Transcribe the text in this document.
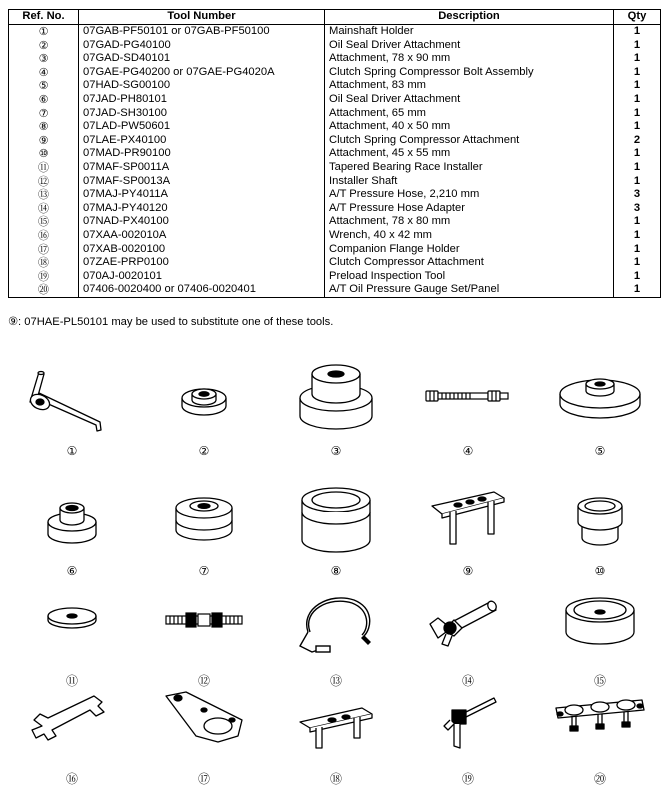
Ref. No.	Tool Number	Description	Qty
①	07GAB-PF50101 or 07GAB-PF50100	Mainshaft Holder	1
②	07GAD-PG40100	Oil Seal Driver Attachment	1
③	07GAD-SD40101	Attachment, 78 x 90 mm	1
④	07GAE-PG40200 or 07GAE-PG4020A	Clutch Spring Compressor Bolt Assembly	1
⑤	07HAD-SG00100	Attachment, 83 mm	1
⑥	07JAD-PH80101	Oil Seal Driver Attachment	1
⑦	07JAD-SH30100	Attachment, 65 mm	1
⑧	07LAD-PW50601	Attachment, 40 x 50 mm	1
⑨	07LAE-PX40100	Clutch Spring Compressor Attachment	2
⑩	07MAD-PR90100	Attachment, 45 x 55 mm	1
⑪	07MAF-SP0011A	Tapered Bearing Race Installer	1
⑫	07MAF-SP0013A	Installer Shaft	1
⑬	07MAJ-PY4011A	A/T Pressure Hose, 2,210 mm	3
⑭	07MAJ-PY40120	A/T Pressure Hose Adapter	3
⑮	07NAD-PX40100	Attachment, 78 x 80 mm	1
⑯	07XAA-002010A	Wrench, 40 x 42 mm	1
⑰	07XAB-0020100	Companion Flange Holder	1
⑱	07ZAE-PRP0100	Clutch Compressor Attachment	1
⑲	070AJ-0020101	Preload Inspection Tool	1
⑳	07406-0020400 or 07406-0020401	A/T Oil Pressure Gauge Set/Panel	1
⑨: 07HAE-PL50101 may be used to substitute one of these tools.
①	②	③	④	⑤
⑥	⑦	⑧	⑨	⑩
⑪	⑫	⑬	⑭	⑮
⑯	⑰	⑱	⑲	⑳
